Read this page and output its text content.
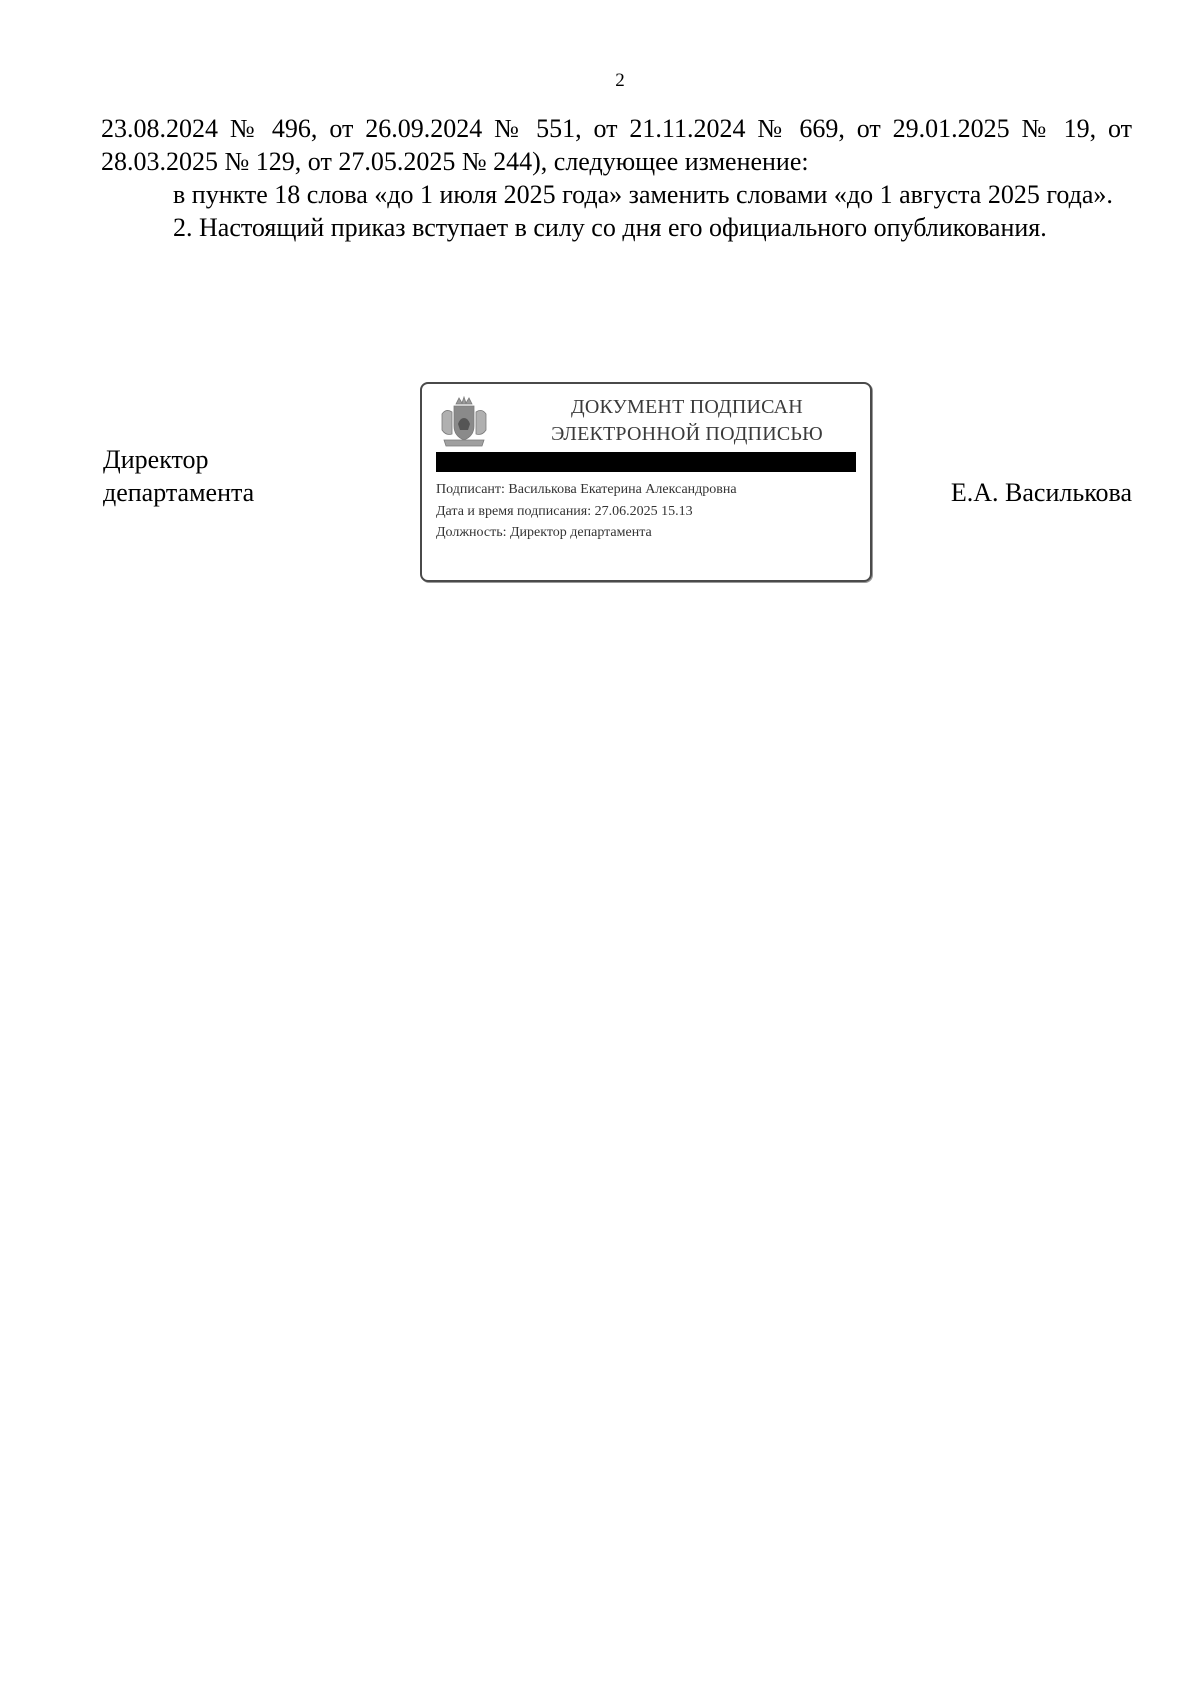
2

23.08.2024 № 496, от 26.09.2024 № 551, от 21.11.2024 № 669, от 29.01.2025 № 19, от 28.03.2025 № 129, от 27.05.2025 № 244), следующее изменение:

в пункте 18 слова «до 1 июля 2025 года» заменить словами «до 1 августа 2025 года».

2. Настоящий приказ вступает в силу со дня его официального опубликования.

Директор
департамента
ДОКУМЕНТ ПОДПИСАН
ЭЛЕКТРОННОЙ ПОДПИСЬЮ
Подписант: Василькова Екатерина Александровна
Дата и время подписания: 27.06.2025 15.13
Должность: Директор департамента
Е.А. Василькова
